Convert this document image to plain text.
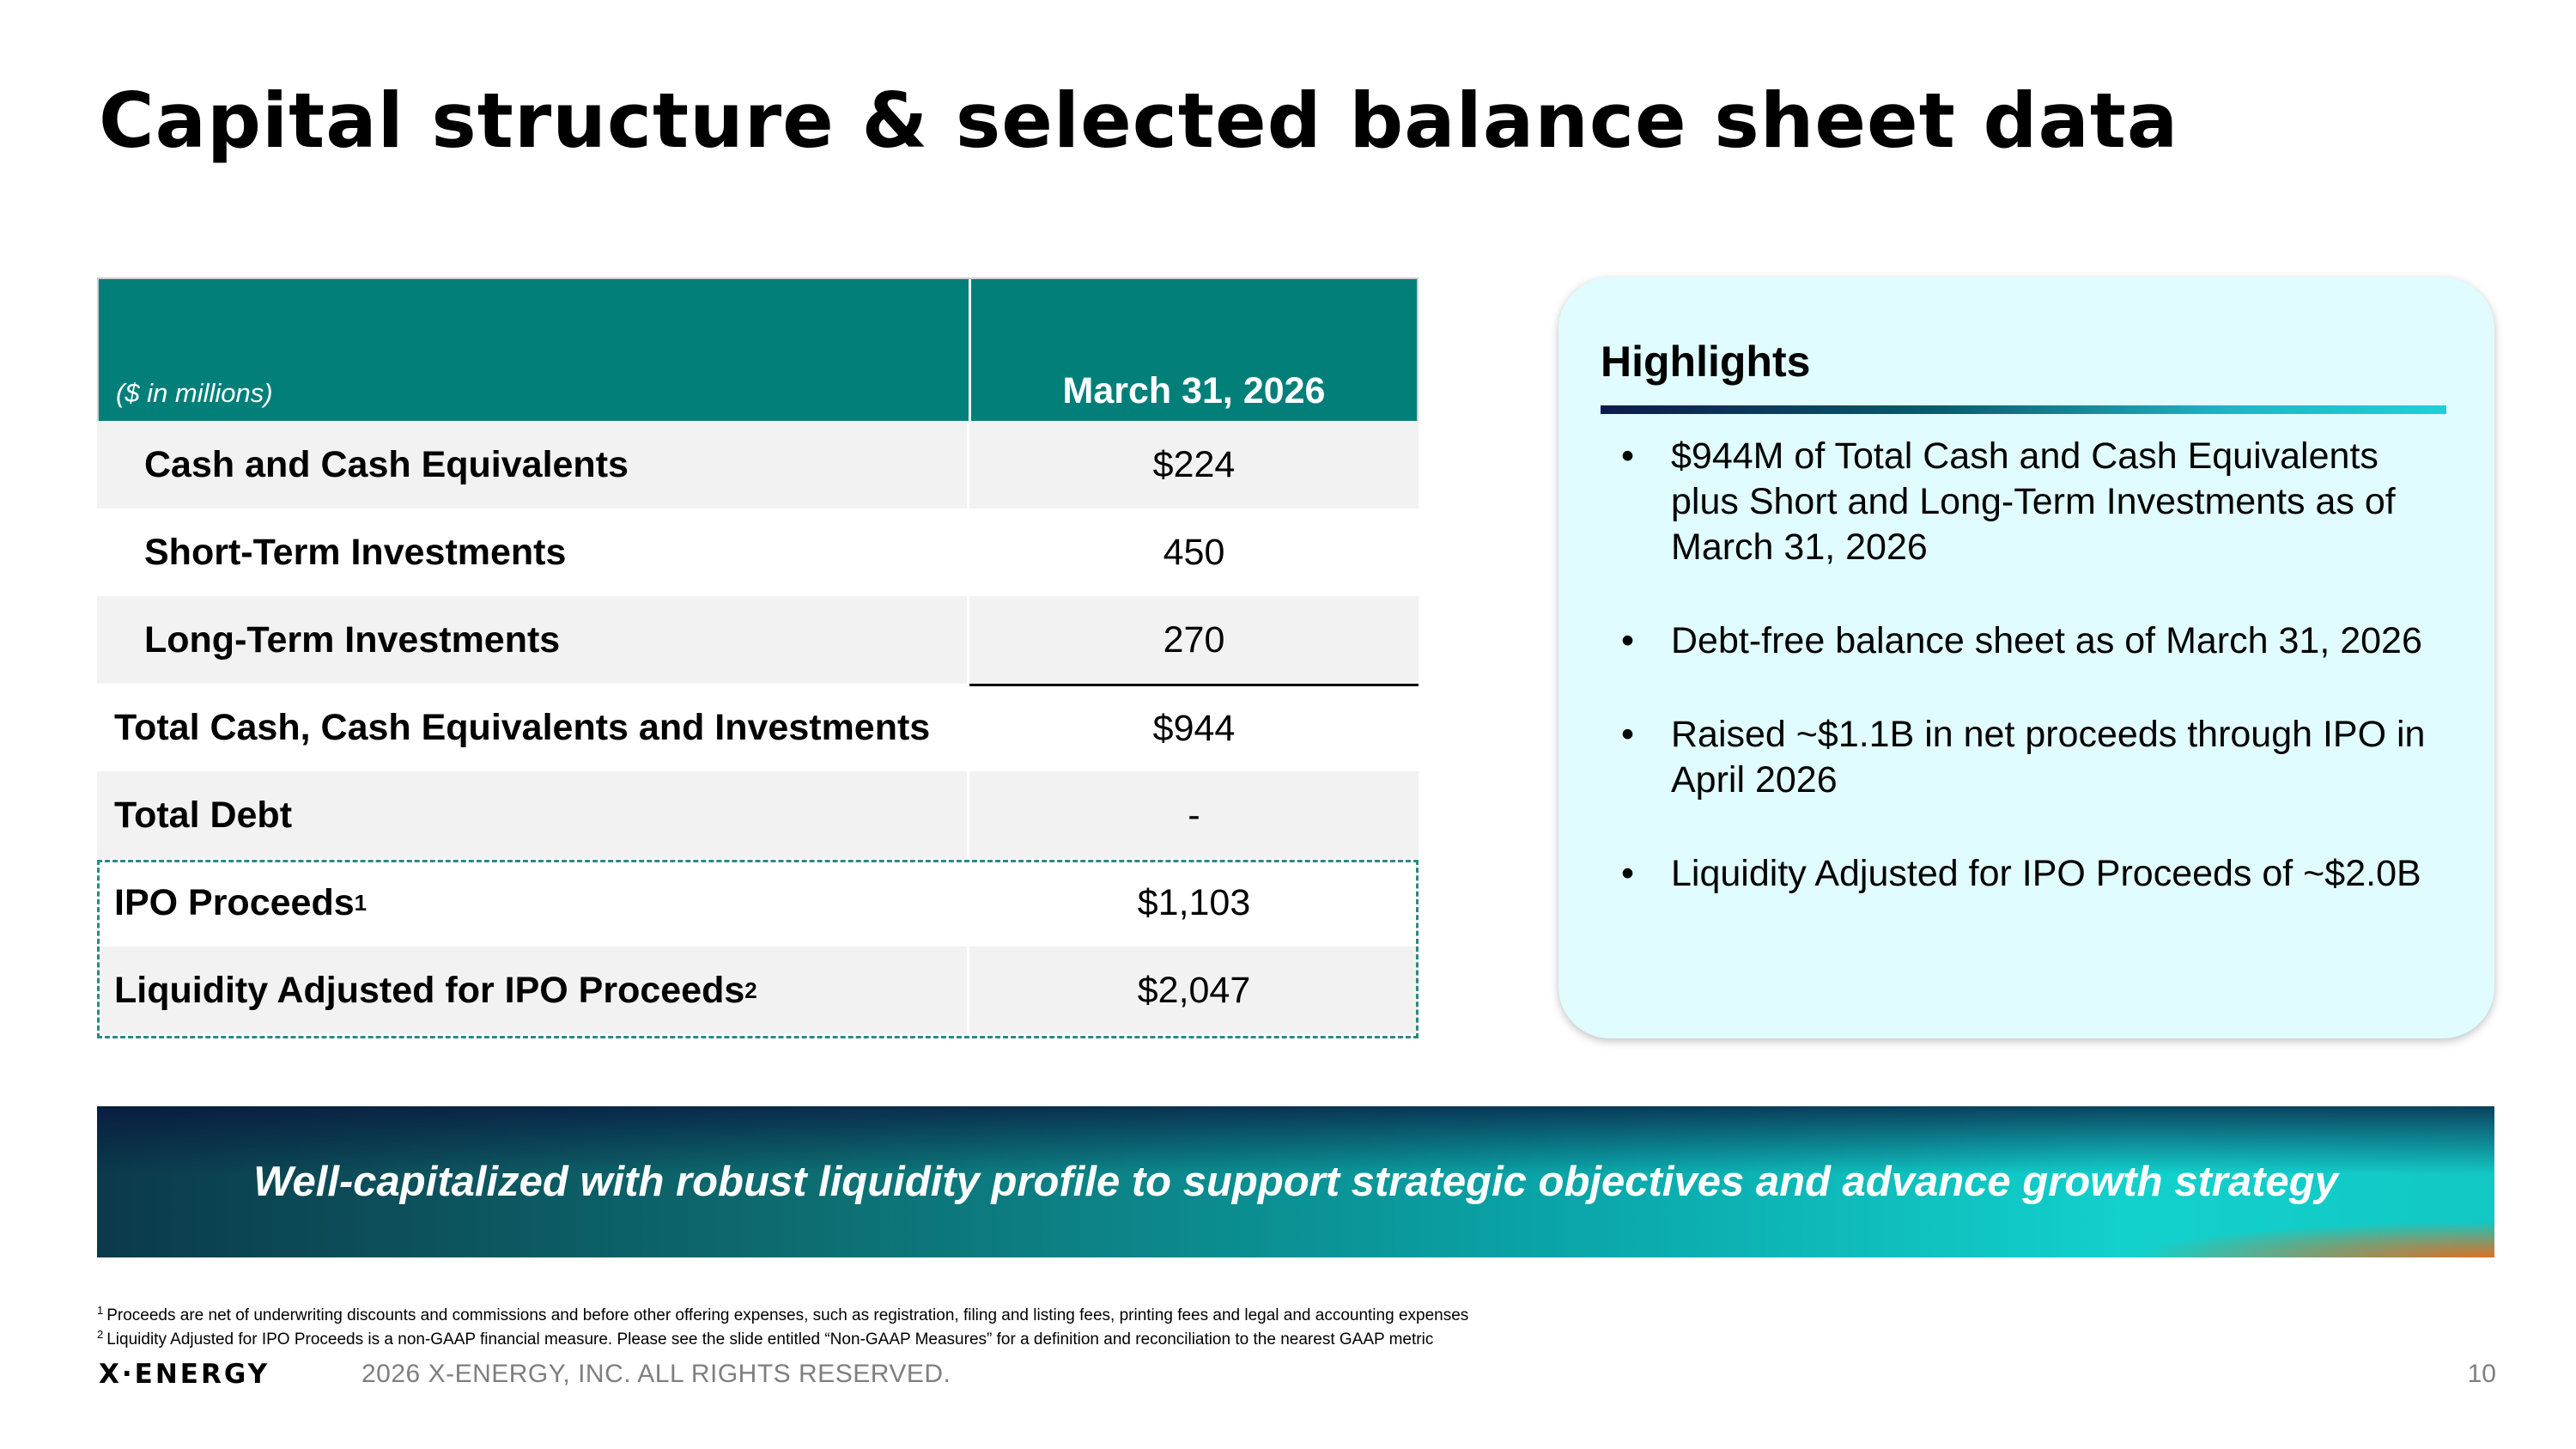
Capital structure & selected balance sheet data
($ in millions)	March 31, 2026
Cash and Cash Equivalents	$224
Short-Term Investments	450
Long-Term Investments	270
Total Cash, Cash Equivalents and Investments	$944
Total Debt	-
IPO Proceeds 1	$1,103
Liquidity Adjusted for IPO Proceeds 2	$2,047
Highlights
• $944M of Total Cash and Cash Equivalents plus Short and Long-Term Investments as of March 31, 2026
• Debt-free balance sheet as of March 31, 2026
• Raised ~$1.1B in net proceeds through IPO in April 2026
• Liquidity Adjusted for IPO Proceeds of ~$2.0B
Well-capitalized with robust liquidity profile to support strategic objectives and advance growth strategy
$^1$ Proceeds are net of underwriting discounts and commissions and before other offering expenses, such as registration, filing and listing fees, printing fees and legal and accounting expenses
$^2$ Liquidity Adjusted for IPO Proceeds is a non-GAAP financial measure. Please see the slide entitled “Non-GAAP Measures” for a definition and reconciliation to the nearest GAAP metric
X·ENERGY	2026 X-ENERGY, INC. ALL RIGHTS RESERVED.	10
